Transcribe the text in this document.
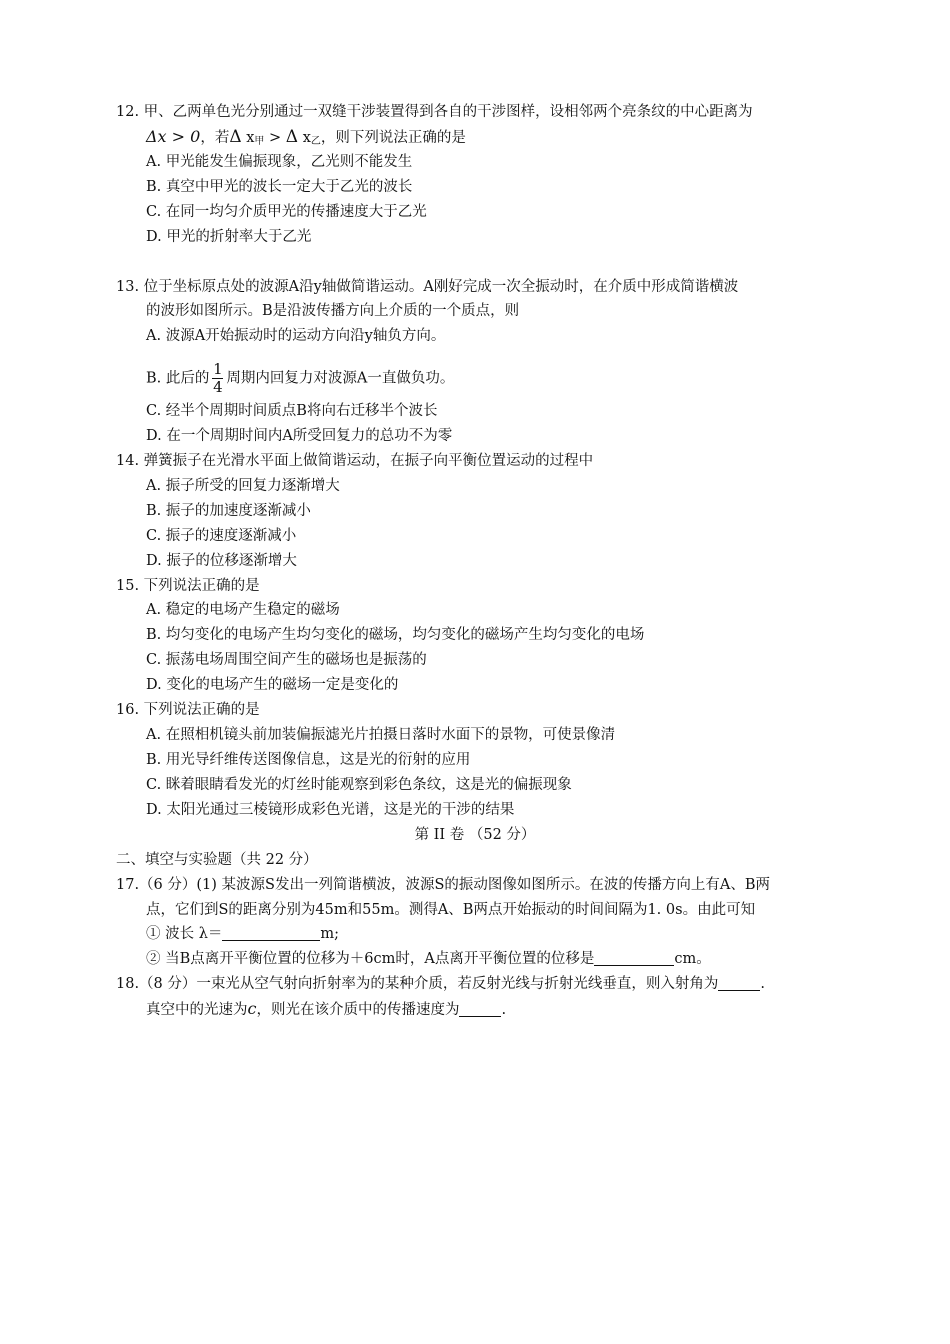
12. 甲、乙两单色光分别通过一双缝干涉装置得到各自的干涉图样，设相邻两个亮条纹的中心距离为
Δx > 0，若Δ $x_甲 > \Delta$ $x_乙$，则下列说法正确的是
A. 甲光能发生偏振现象，乙光则不能发生
B. 真空中甲光的波长一定大于乙光的波长
C. 在同一均匀介质甲光的传播速度大于乙光
D. 甲光的折射率大于乙光
13. 位于坐标原点处的波源A沿y轴做简谐运动。A刚好完成一次全振动时，在介质中形成简谐横波
的波形如图所示。B是沿波传播方向上介质的一个质点，则
A. 波源A开始振动时的运动方向沿y轴负方向。
B. 此后的 $\frac{1}{4}$ 周期内回复力对波源A一直做负功。
C. 经半个周期时间质点B将向右迁移半个波长
D. 在一个周期时间内A所受回复力的总功不为零
14. 弹簧振子在光滑水平面上做简谐运动，在振子向平衡位置运动的过程中
A. 振子所受的回复力逐渐增大
B. 振子的加速度逐渐减小
C. 振子的速度逐渐减小
D. 振子的位移逐渐增大
15. 下列说法正确的是
A. 稳定的电场产生稳定的磁场
B. 均匀变化的电场产生均匀变化的磁场，均匀变化的磁场产生均匀变化的电场
C. 振荡电场周围空间产生的磁场也是振荡的
D. 变化的电场产生的磁场一定是变化的
16. 下列说法正确的是
A. 在照相机镜头前加装偏振滤光片拍摄日落时水面下的景物，可使景像清
B. 用光导纤维传送图像信息，这是光的衍射的应用
C. 眯着眼睛看发光的灯丝时能观察到彩色条纹，这是光的偏振现象
D. 太阳光通过三棱镜形成彩色光谱，这是光的干涉的结果
第 II 卷 （52 分）
二、填空与实验题（共 22 分）
17.（6 分）(1) 某波源S发出一列简谐横波，波源S的振动图像如图所示。在波的传播方向上有A、B两
点，它们到S的距离分别为45m和55m。测得A、B两点开始振动的时间间隔为1. 0s。由此可知
① 波长 λ＝	m;
② 当B点离开平衡位置的位移为＋6cm时，A点离开平衡位置的位移是	cm。
18.（8 分）一束光从空气射向折射率为的某种介质，若反射光线与折射光线垂直，则入射角为	.
真空中的光速为c，则光在该介质中的传播速度为	.
